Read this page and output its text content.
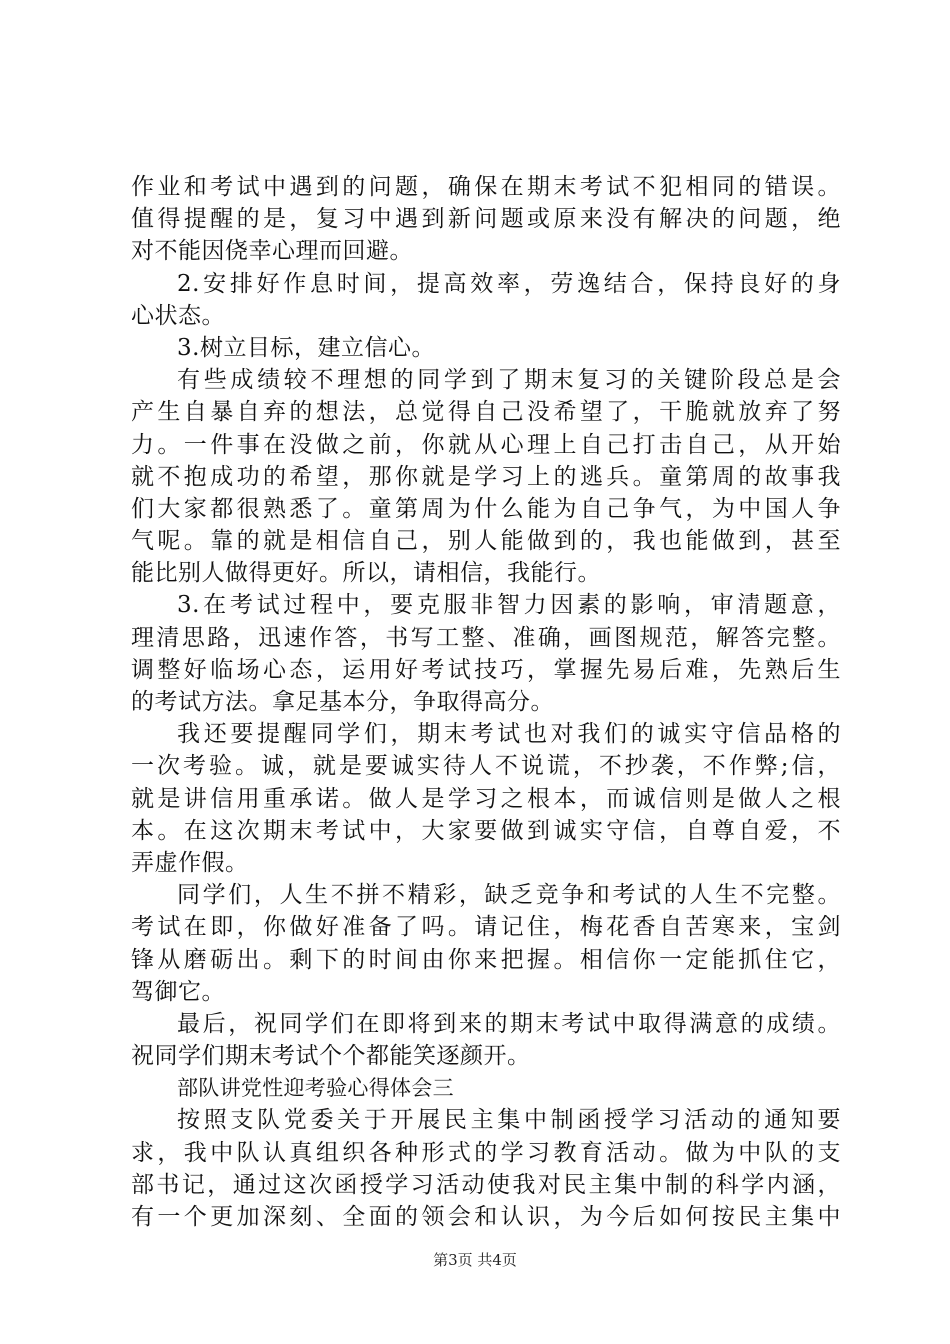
作业和考试中遇到的问题，确保在期末考试不犯相同的错误。
值得提醒的是，复习中遇到新问题或原来没有解决的问题，绝
对不能因侥幸心理而回避。
2.安排好作息时间，提高效率，劳逸结合，保持良好的身
心状态。
3.树立目标，建立信心。
有些成绩较不理想的同学到了期末复习的关键阶段总是会
产生自暴自弃的想法，总觉得自己没希望了，干脆就放弃了努
力。一件事在没做之前，你就从心理上自己打击自己，从开始
就不抱成功的希望，那你就是学习上的逃兵。童第周的故事我
们大家都很熟悉了。童第周为什么能为自己争气，为中国人争
气呢。靠的就是相信自己，别人能做到的，我也能做到，甚至
能比别人做得更好。所以，请相信，我能行。
3.在考试过程中，要克服非智力因素的影响，审清题意，
理清思路，迅速作答，书写工整、准确，画图规范，解答完整。
调整好临场心态，运用好考试技巧，掌握先易后难，先熟后生
的考试方法。拿足基本分，争取得高分。
我还要提醒同学们，期末考试也对我们的诚实守信品格的
一次考验。诚，就是要诚实待人不说谎，不抄袭，不作弊;信，
就是讲信用重承诺。做人是学习之根本，而诚信则是做人之根
本。在这次期末考试中，大家要做到诚实守信，自尊自爱，不
弄虚作假。
同学们，人生不拼不精彩，缺乏竞争和考试的人生不完整。
考试在即，你做好准备了吗。请记住，梅花香自苦寒来，宝剑
锋从磨砺出。剩下的时间由你来把握。相信你一定能抓住它，
驾御它。
最后，祝同学们在即将到来的期末考试中取得满意的成绩。
祝同学们期末考试个个都能笑逐颜开。
部队讲党性迎考验心得体会三
按照支队党委关于开展民主集中制函授学习活动的通知要
求，我中队认真组织各种形式的学习教育活动。做为中队的支
部书记，通过这次函授学习活动使我对民主集中制的科学内涵，
有一个更加深刻、全面的领会和认识，为今后如何按民主集中
第3页 共4页
